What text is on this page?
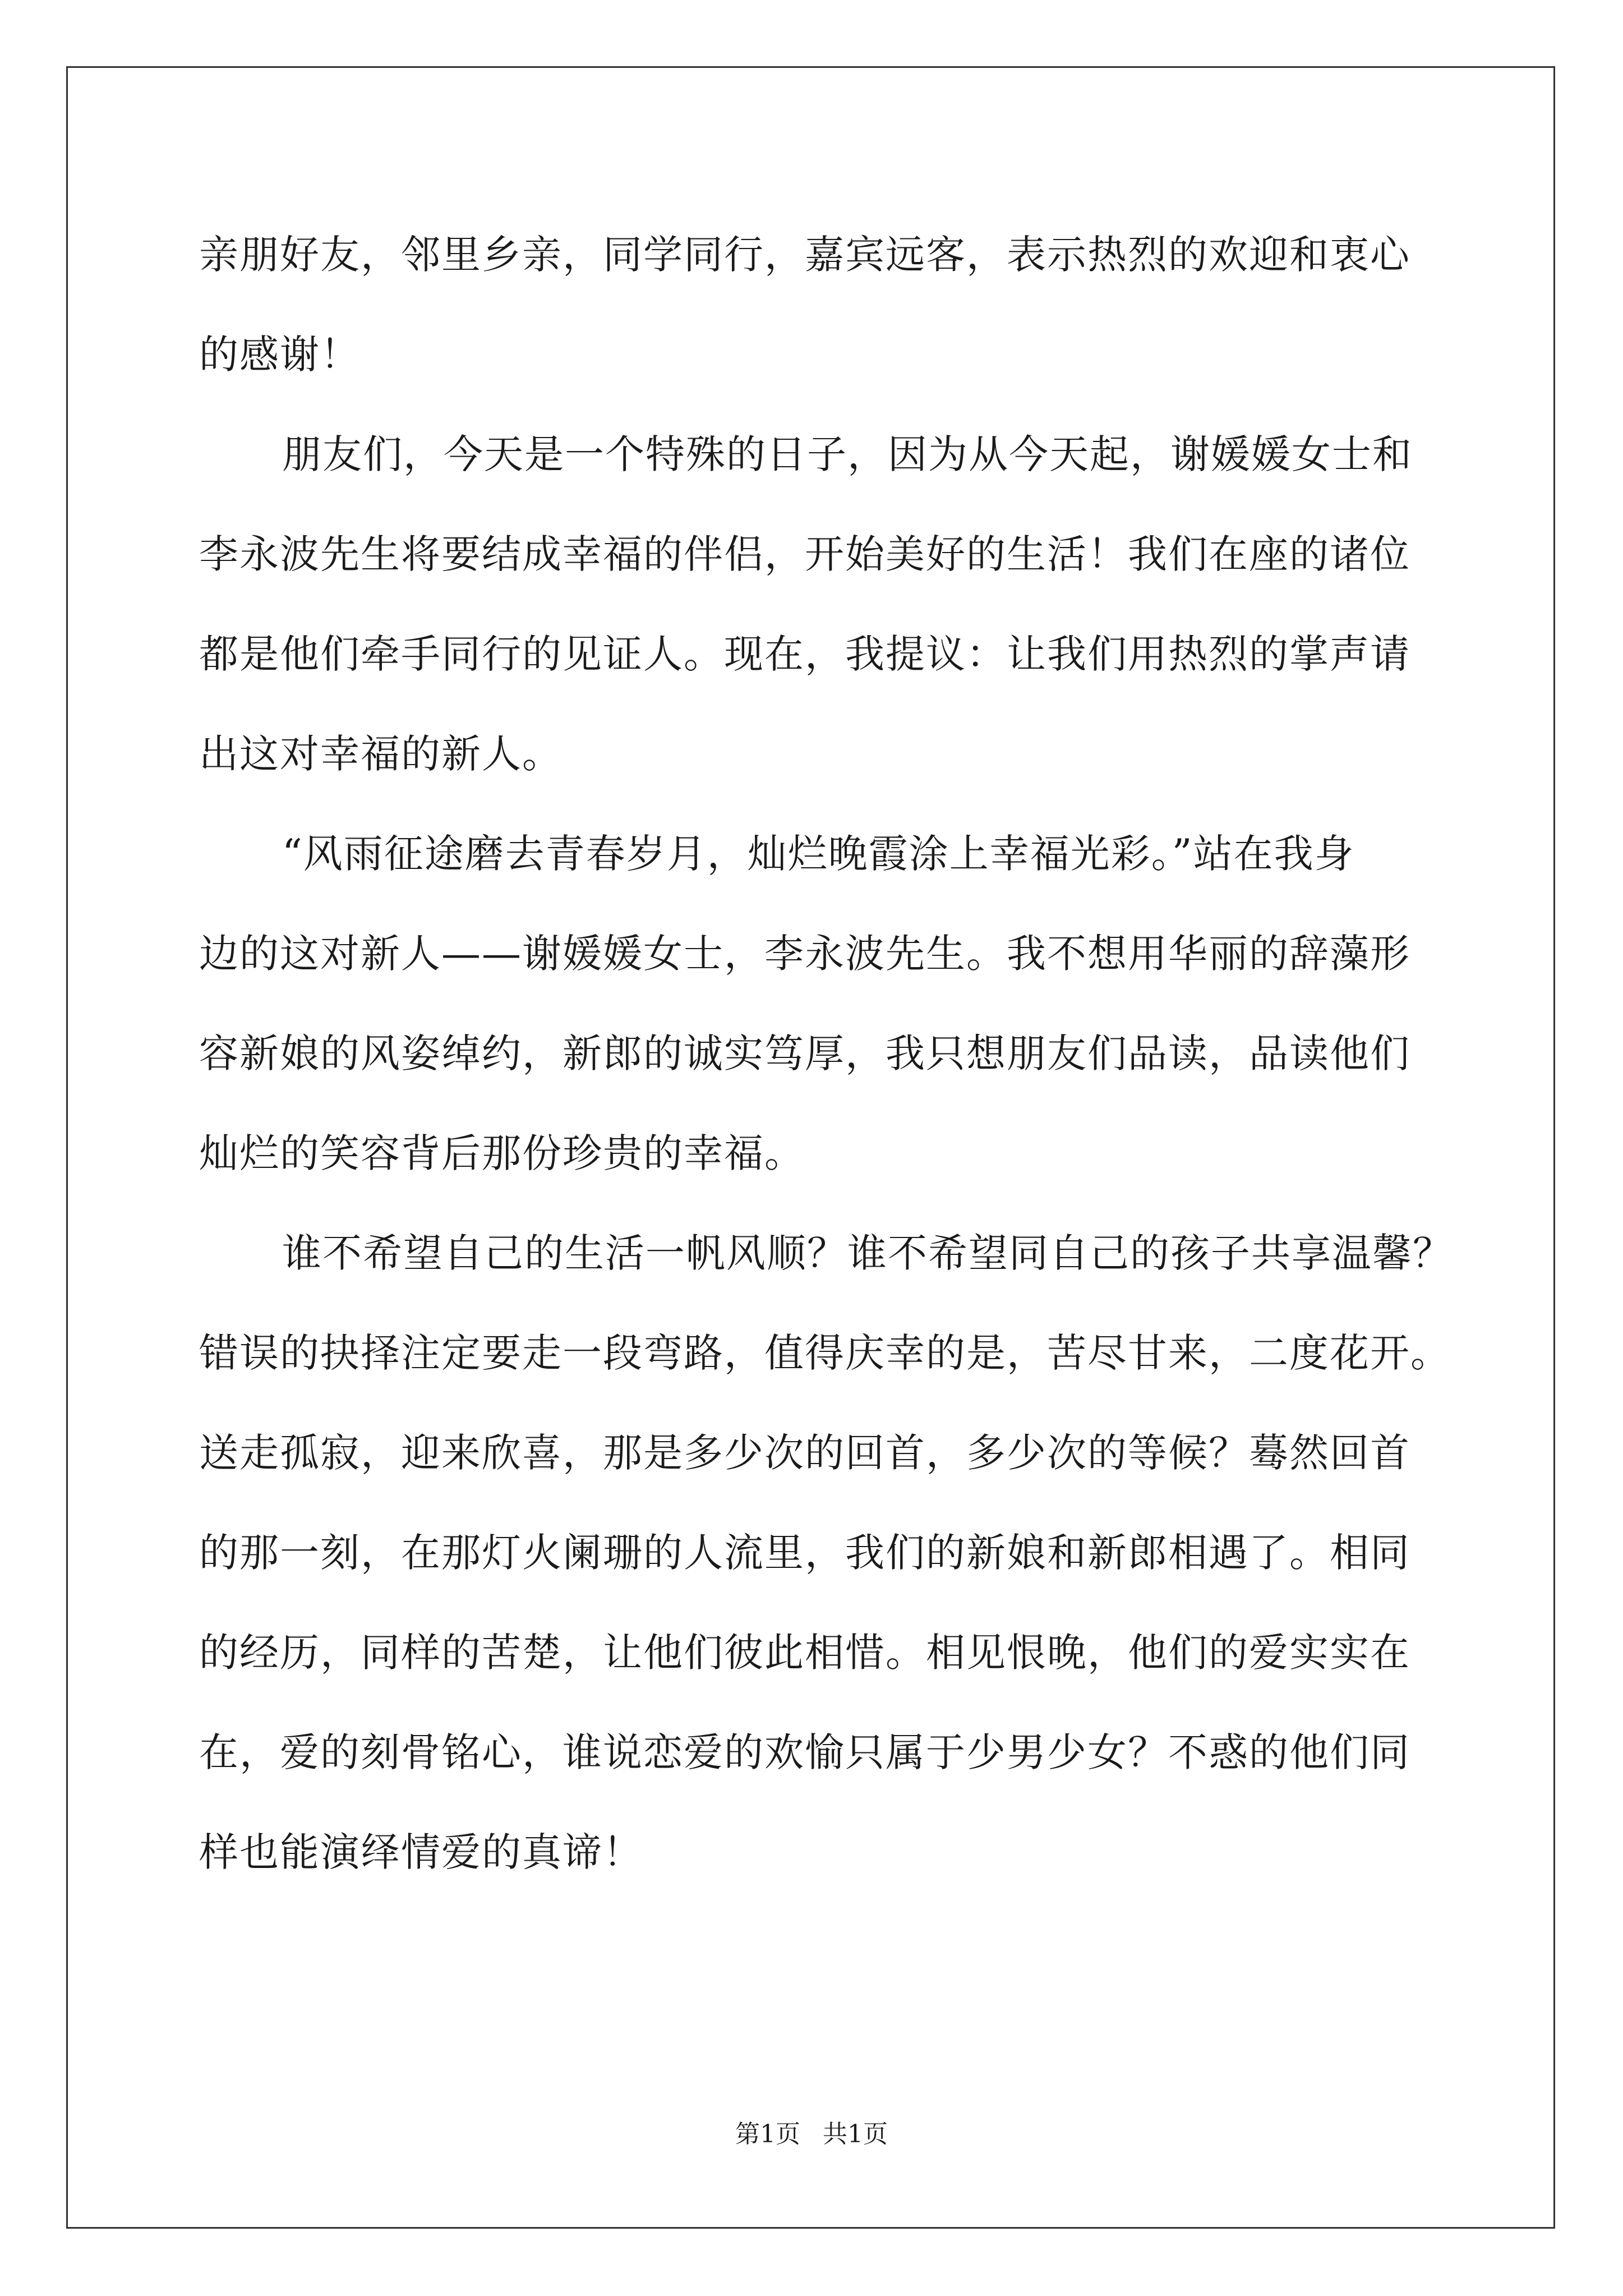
亲朋好友，邻里乡亲，同学同行，嘉宾远客，表示热烈的欢迎和衷心
的感谢！
朋友们，今天是一个特殊的日子，因为从今天起，谢媛媛女士和
李永波先生将要结成幸福的伴侣，开始美好的生活！我们在座的诸位
都是他们牵手同行的见证人。现在，我提议：让我们用热烈的掌声请
出这对幸福的新人。
“风雨征途磨去青春岁月，灿烂晚霞涂上幸福光彩。”站在我身
边的这对新人——谢媛媛女士，李永波先生。我不想用华丽的辞藻形
容新娘的风姿绰约，新郎的诚实笃厚，我只想朋友们品读，品读他们
灿烂的笑容背后那份珍贵的幸福。
谁不希望自己的生活一帆风顺？谁不希望同自己的孩子共享温馨？
错误的抉择注定要走一段弯路，值得庆幸的是，苦尽甘来，二度花开。
送走孤寂，迎来欣喜，那是多少次的回首，多少次的等候？蓦然回首
的那一刻，在那灯火阑珊的人流里，我们的新娘和新郎相遇了。相同
的经历，同样的苦楚，让他们彼此相惜。相见恨晚，他们的爱实实在
在，爱的刻骨铭心，谁说恋爱的欢愉只属于少男少女？不惑的他们同
样也能演绎情爱的真谛！
第1页 共1页
